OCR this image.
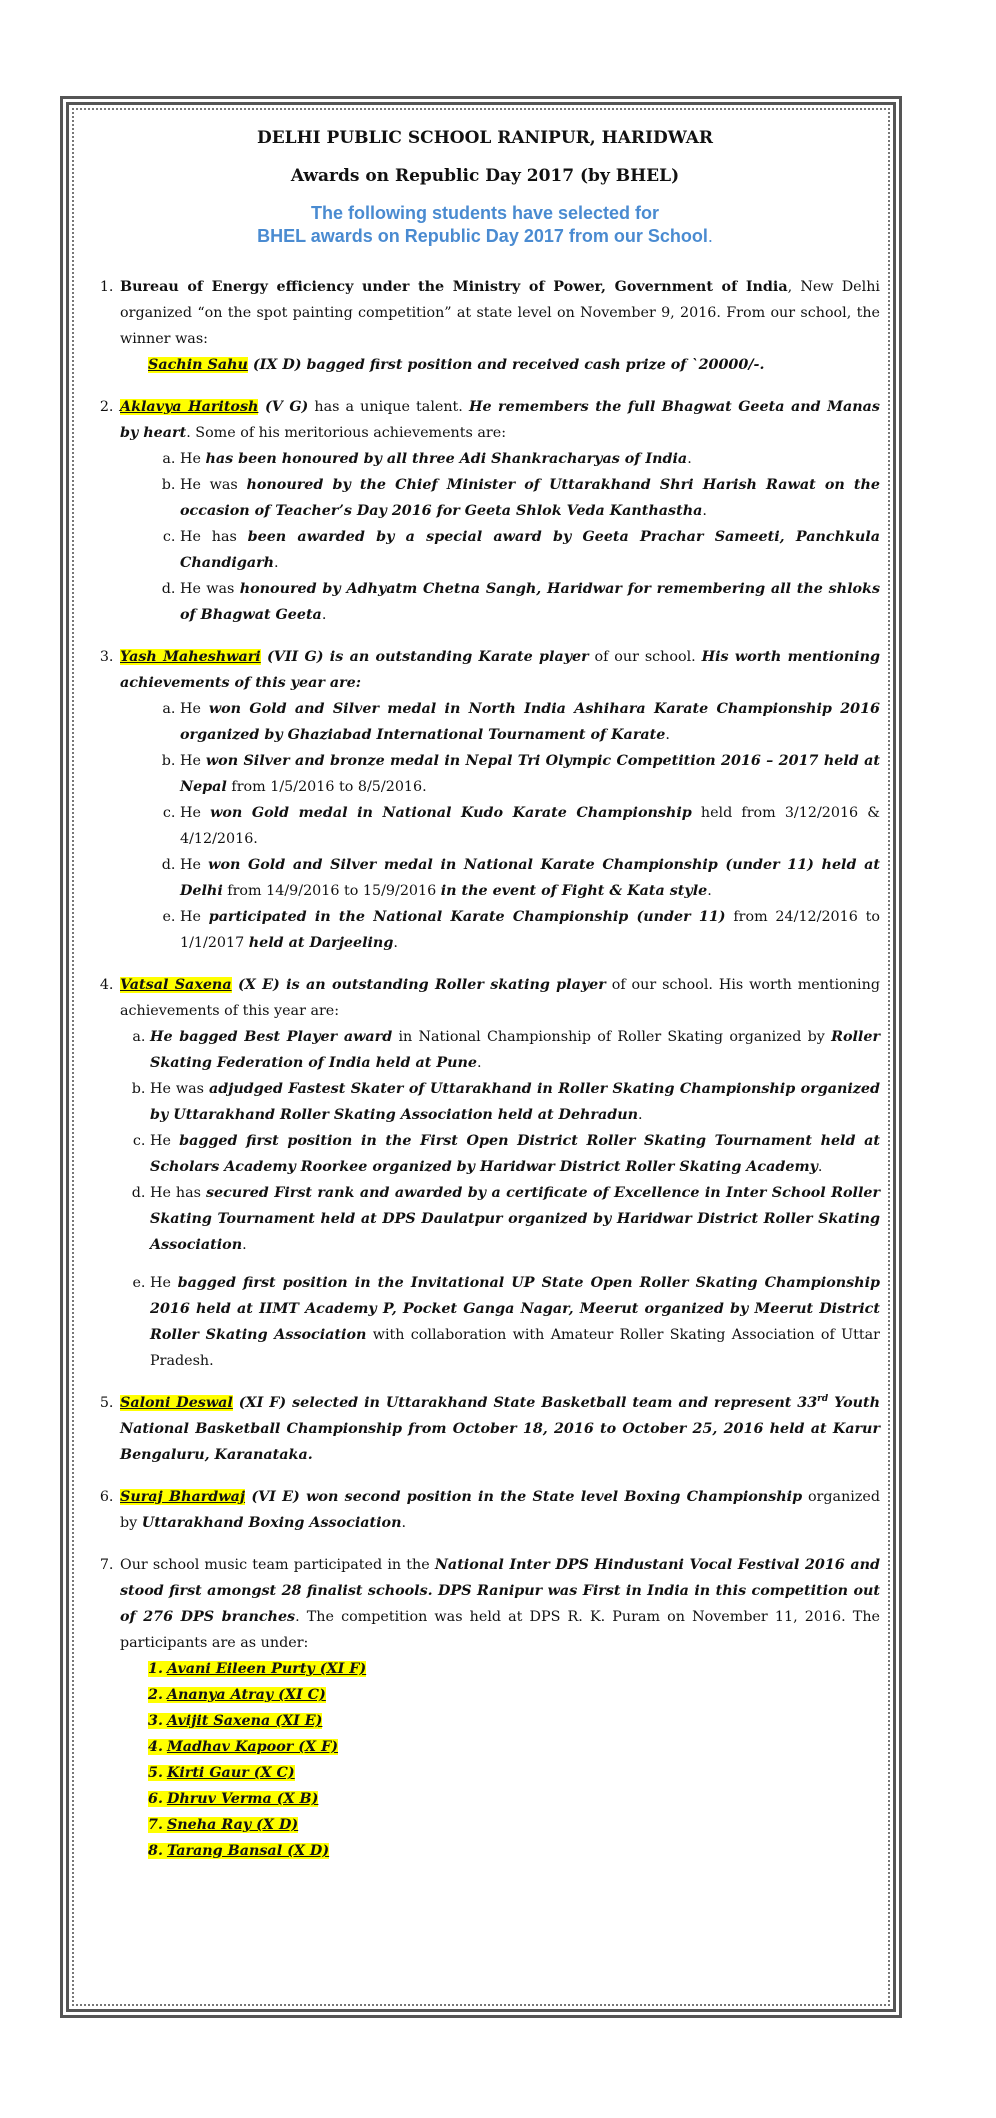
DELHI PUBLIC SCHOOL RANIPUR, HARIDWAR
Awards on Republic Day 2017 (by BHEL)
The following students have selected for
BHEL awards on Republic Day 2017 from our School.
1. Bureau of Energy efficiency under the Ministry of Power, Government of India, New Delhi organized “on the spot painting competition” at state level on November 9, 2016. From our school, the winner was:
Sachin Sahu (IX D) bagged first position and received cash prize of `20000/-.
2. Aklavya Haritosh (V G) has a unique talent. He remembers the full Bhagwat Geeta and Manas by heart. Some of his meritorious achievements are:
a. He has been honoured by all three Adi Shankracharyas of India.
b. He was honoured by the Chief Minister of Uttarakhand Shri Harish Rawat on the occasion of Teacher’s Day 2016 for Geeta Shlok Veda Kanthastha.
c. He has been awarded by a special award by Geeta Prachar Sameeti, Panchkula Chandigarh.
d. He was honoured by Adhyatm Chetna Sangh, Haridwar for remembering all the shloks of Bhagwat Geeta.
3. Yash Maheshwari (VII G) is an outstanding Karate player of our school. His worth mentioning achievements of this year are:
a. He won Gold and Silver medal in North India Ashihara Karate Championship 2016 organized by Ghaziabad International Tournament of Karate.
b. He won Silver and bronze medal in Nepal Tri Olympic Competition 2016 – 2017 held at Nepal from 1/5/2016 to 8/5/2016.
c. He won Gold medal in National Kudo Karate Championship held from 3/12/2016 & 4/12/2016.
d. He won Gold and Silver medal in National Karate Championship (under 11) held at Delhi from 14/9/2016 to 15/9/2016 in the event of Fight & Kata style.
e. He participated in the National Karate Championship (under 11) from 24/12/2016 to 1/1/2017 held at Darjeeling.
4. Vatsal Saxena (X E) is an outstanding Roller skating player of our school. His worth mentioning achievements of this year are:
a. He bagged Best Player award in National Championship of Roller Skating organized by Roller Skating Federation of India held at Pune.
b. He was adjudged Fastest Skater of Uttarakhand in Roller Skating Championship organized by Uttarakhand Roller Skating Association held at Dehradun.
c. He bagged first position in the First Open District Roller Skating Tournament held at Scholars Academy Roorkee organized by Haridwar District Roller Skating Academy.
d. He has secured First rank and awarded by a certificate of Excellence in Inter School Roller Skating Tournament held at DPS Daulatpur organized by Haridwar District Roller Skating Association.
e. He bagged first position in the Invitational UP State Open Roller Skating Championship 2016 held at IIMT Academy P, Pocket Ganga Nagar, Meerut organized by Meerut District Roller Skating Association with collaboration with Amateur Roller Skating Association of Uttar Pradesh.
5. Saloni Deswal (XI F) selected in Uttarakhand State Basketball team and represent 33rd Youth National Basketball Championship from October 18, 2016 to October 25, 2016 held at Karur Bengaluru, Karanataka.
6. Suraj Bhardwaj (VI E) won second position in the State level Boxing Championship organized by Uttarakhand Boxing Association.
7. Our school music team participated in the National Inter DPS Hindustani Vocal Festival 2016 and stood first amongst 28 finalist schools. DPS Ranipur was First in India in this competition out of 276 DPS branches. The competition was held at DPS R. K. Puram on November 11, 2016. The participants are as under:
1. Avani Eileen Purty (XI F)
2. Ananya Atray (XI C)
3. Avijit Saxena (XI E)
4. Madhav Kapoor (X F)
5. Kirti Gaur (X C)
6. Dhruv Verma (X B)
7. Sneha Ray (X D)
8. Tarang Bansal (X D)
